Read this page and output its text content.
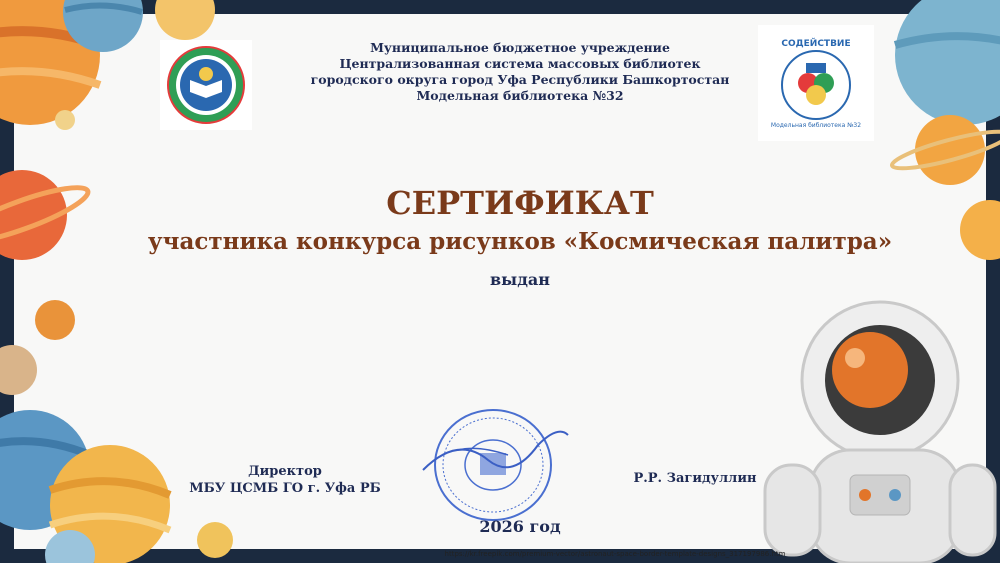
СОДЕЙСТВИЕ
Модельная библиотека №32
Муниципальное бюджетное учреждение
Централизованная система массовых библиотек
городского округа город Уфа Республики Башкортостан
Модельная библиотека №32
СЕРТИФИКАТ
участника конкурса рисунков «Космическая палитра»
выдан
Директор
МБУ ЦСМБ ГО г. Уфа РБ
Р.Р. Загидуллин
2026 год
https://kr.freepik.com/premium-vector/astronaut-space-border-template-designs_317197986.htm
